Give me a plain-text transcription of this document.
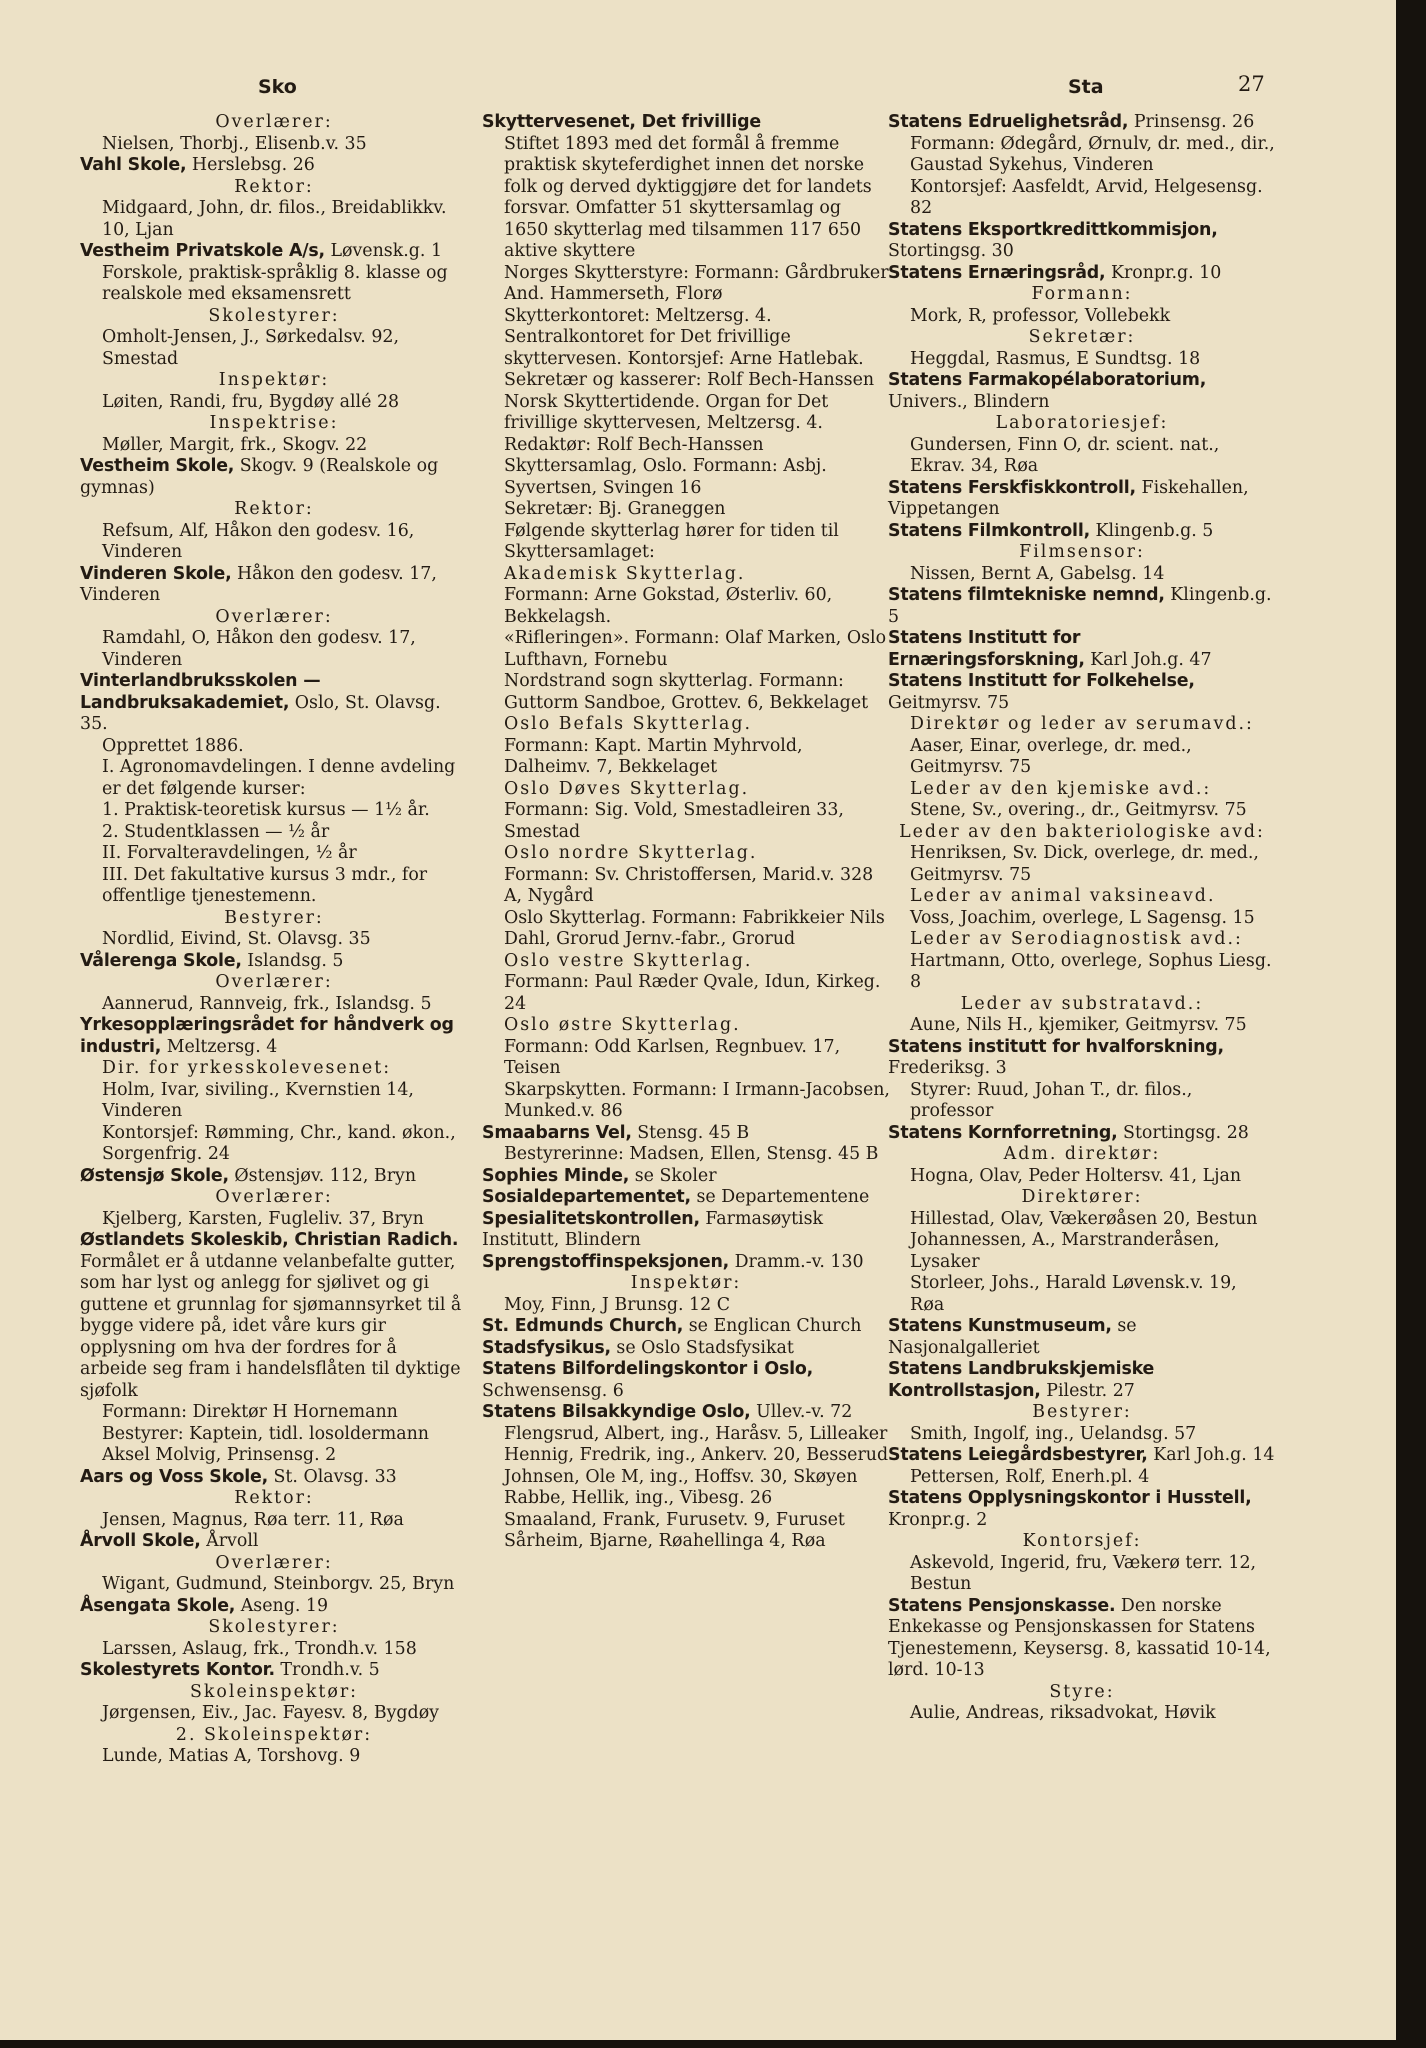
Sko	Sta	27

Overlærer:

Nielsen, Thorbj., Elisenb.v. 35

Vahl Skole, Herslebsg. 26

Rektor:

Midgaard, John, dr. filos., Breidablikkv. 10, Ljan

Vestheim Privatskole A/s, Løvensk.g. 1

Forskole, praktisk-språklig 8. klasse og realskole med eksamensrett

Skolestyrer:

Omholt-Jensen, J., Sørkedalsv. 92, Smestad

Inspektør:

Løiten, Randi, fru, Bygdøy allé 28

Inspektrise:

Møller, Margit, frk., Skogv. 22

Vestheim Skole, Skogv. 9 (Realskole og gymnas)

Rektor:

Refsum, Alf, Håkon den godesv. 16, Vinderen

Vinderen Skole, Håkon den godesv. 17, Vinderen

Overlærer:

Ramdahl, O, Håkon den godesv. 17, Vinderen

Vinterlandbruksskolen — Landbruksakademiet, Oslo, St. Olavsg. 35.

Opprettet 1886.

I. Agronomavdelingen. I denne avdeling er det følgende kurser:

1. Praktisk-teoretisk kursus — 1½ år.

2. Studentklassen — ½ år

II. Forvalteravdelingen, ½ år

III. Det fakultative kursus 3 mdr., for offentlige tjenestemenn.

Bestyrer:

Nordlid, Eivind, St. Olavsg. 35

Vålerenga Skole, Islandsg. 5

Overlærer:

Aannerud, Rannveig, frk., Islandsg. 5

Yrkesopplæringsrådet for håndverk og industri, Meltzersg. 4

Dir. for yrkesskolevesenet:

Holm, Ivar, siviling., Kvernstien 14, Vinderen

Kontorsjef: Rømming, Chr., kand. økon., Sorgenfrig. 24

Østensjø Skole, Østensjøv. 112, Bryn

Overlærer:

Kjelberg, Karsten, Fugleliv. 37, Bryn

Østlandets Skoleskib, Christian Radich. Formålet er å utdanne velanbefalte gutter, som har lyst og anlegg for sjølivet og gi guttene et grunnlag for sjømannsyrket til å bygge videre på, idet våre kurs gir opplysning om hva der fordres for å arbeide seg fram i handelsflåten til dyktige sjøfolk

Formann: Direktør H Hornemann

Bestyrer: Kaptein, tidl. losoldermann Aksel Molvig, Prinsensg. 2

Aars og Voss Skole, St. Olavsg. 33

Rektor:

Jensen, Magnus, Røa terr. 11, Røa

Årvoll Skole, Årvoll

Overlærer:

Wigant, Gudmund, Steinborgv. 25, Bryn

Åsengata Skole, Aseng. 19

Skolestyrer:

Larssen, Aslaug, frk., Trondh.v. 158

Skolestyrets Kontor. Trondh.v. 5

Skoleinspektør:

Jørgensen, Eiv., Jac. Fayesv. 8, Bygdøy

2. Skoleinspektør:

Lunde, Matias A, Torshovg. 9

Skyttervesenet, Det frivillige

Stiftet 1893 med det formål å fremme praktisk skyteferdighet innen det norske folk og derved dyktiggjøre det for landets forsvar. Omfatter 51 skyttersamlag og 1650 skytterlag med tilsammen 117 650 aktive skyttere

Norges Skytterstyre: Formann: Gårdbruker And. Hammerseth, Florø

Skytterkontoret: Meltzersg. 4. Sentralkontoret for Det frivillige skyttervesen. Kontorsjef: Arne Hatlebak. Sekretær og kasserer: Rolf Bech-Hanssen

Norsk Skyttertidende. Organ for Det frivillige skyttervesen, Meltzersg. 4. Redaktør: Rolf Bech-Hanssen

Skyttersamlag, Oslo. Formann: Asbj. Syvertsen, Svingen 16

Sekretær: Bj. Graneggen

Følgende skytterlag hører for tiden til Skyttersamlaget:

Akademisk Skytterlag.

Formann: Arne Gokstad, Østerliv. 60, Bekkelagsh.

«Rifleringen». Formann: Olaf Marken, Oslo Lufthavn, Fornebu

Nordstrand sogn skytterlag. Formann: Guttorm Sandboe, Grottev. 6, Bekkelaget

Oslo Befals Skytterlag.

Formann: Kapt. Martin Myhrvold, Dalheimv. 7, Bekkelaget

Oslo Døves Skytterlag.

Formann: Sig. Vold, Smestadleiren 33, Smestad

Oslo nordre Skytterlag.

Formann: Sv. Christoffersen, Marid.v. 328 A, Nygård

Oslo Skytterlag. Formann: Fabrikkeier Nils Dahl, Grorud Jernv.-fabr., Grorud

Oslo vestre Skytterlag.

Formann: Paul Ræder Qvale, Idun, Kirkeg. 24

Oslo østre Skytterlag.

Formann: Odd Karlsen, Regnbuev. 17, Teisen

Skarpskytten. Formann: I Irmann-Jacobsen, Munked.v. 86

Smaabarns Vel, Stensg. 45 B

Bestyrerinne: Madsen, Ellen, Stensg. 45 B

Sophies Minde, se Skoler

Sosialdepartementet, se Departementene

Spesialitetskontrollen, Farmasøytisk Institutt, Blindern

Sprengstoffinspeksjonen, Dramm.-v. 130

Inspektør:

Moy, Finn, J Brunsg. 12 C

St. Edmunds Church, se Englican Church

Stadsfysikus, se Oslo Stadsfysikat

Statens Bilfordelingskontor i Oslo, Schwensensg. 6

Statens Bilsakkyndige Oslo, Ullev.-v. 72

Flengsrud, Albert, ing., Haråsv. 5, Lilleaker

Hennig, Fredrik, ing., Ankerv. 20, Besserud

Johnsen, Ole M, ing., Hoffsv. 30, Skøyen

Rabbe, Hellik, ing., Vibesg. 26

Smaaland, Frank, Furusetv. 9, Furuset

Sårheim, Bjarne, Røahellinga 4, Røa

Statens Edruelighetsråd, Prinsensg. 26

Formann: Ødegård, Ørnulv, dr. med., dir., Gaustad Sykehus, Vinderen

Kontorsjef: Aasfeldt, Arvid, Helgesensg. 82

Statens Eksportkredittkommisjon, Stortingsg. 30

Statens Ernæringsråd, Kronpr.g. 10

Formann:

Mork, R, professor, Vollebekk

Sekretær:

Heggdal, Rasmus, E Sundtsg. 18

Statens Farmakopélaboratorium, Univers., Blindern

Laboratoriesjef:

Gundersen, Finn O, dr. scient. nat., Ekrav. 34, Røa

Statens Ferskfiskkontroll, Fiskehallen, Vippetangen

Statens Filmkontroll, Klingenb.g. 5

Filmsensor:

Nissen, Bernt A, Gabelsg. 14

Statens filmtekniske nemnd, Klingenb.g. 5

Statens Institutt for Ernæringsforskning, Karl Joh.g. 47

Statens Institutt for Folkehelse, Geitmyrsv. 75

Direktør og leder av serumavd.:

Aaser, Einar, overlege, dr. med., Geitmyrsv. 75

Leder av den kjemiske avd.:

Stene, Sv., overing., dr., Geitmyrsv. 75

Leder av den bakteriologiske avd:

Henriksen, Sv. Dick, overlege, dr. med., Geitmyrsv. 75

Leder av animal vaksineavd.

Voss, Joachim, overlege, L Sagensg. 15

Leder av Serodiagnostisk avd.:

Hartmann, Otto, overlege, Sophus Liesg. 8

Leder av substratavd.:

Aune, Nils H., kjemiker, Geitmyrsv. 75

Statens institutt for hvalforskning, Frederiksg. 3

Styrer: Ruud, Johan T., dr. filos., professor

Statens Kornforretning, Stortingsg. 28

Adm. direktør:

Hogna, Olav, Peder Holtersv. 41, Ljan

Direktører:

Hillestad, Olav, Vækerøåsen 20, Bestun

Johannessen, A., Marstranderåsen, Lysaker

Storleer, Johs., Harald Løvensk.v. 19, Røa

Statens Kunstmuseum, se Nasjonalgalleriet

Statens Landbrukskjemiske Kontrollstasjon, Pilestr. 27

Bestyrer:

Smith, Ingolf, ing., Uelandsg. 57

Statens Leiegårdsbestyrer, Karl Joh.g. 14

Pettersen, Rolf, Enerh.pl. 4

Statens Opplysningskontor i Husstell, Kronpr.g. 2

Kontorsjef:

Askevold, Ingerid, fru, Vækerø terr. 12, Bestun

Statens Pensjonskasse. Den norske Enkekasse og Pensjonskassen for Statens Tjenestemenn, Keysersg. 8, kassatid 10-14, lørd. 10-13

Styre:

Aulie, Andreas, riksadvokat, Høvik
